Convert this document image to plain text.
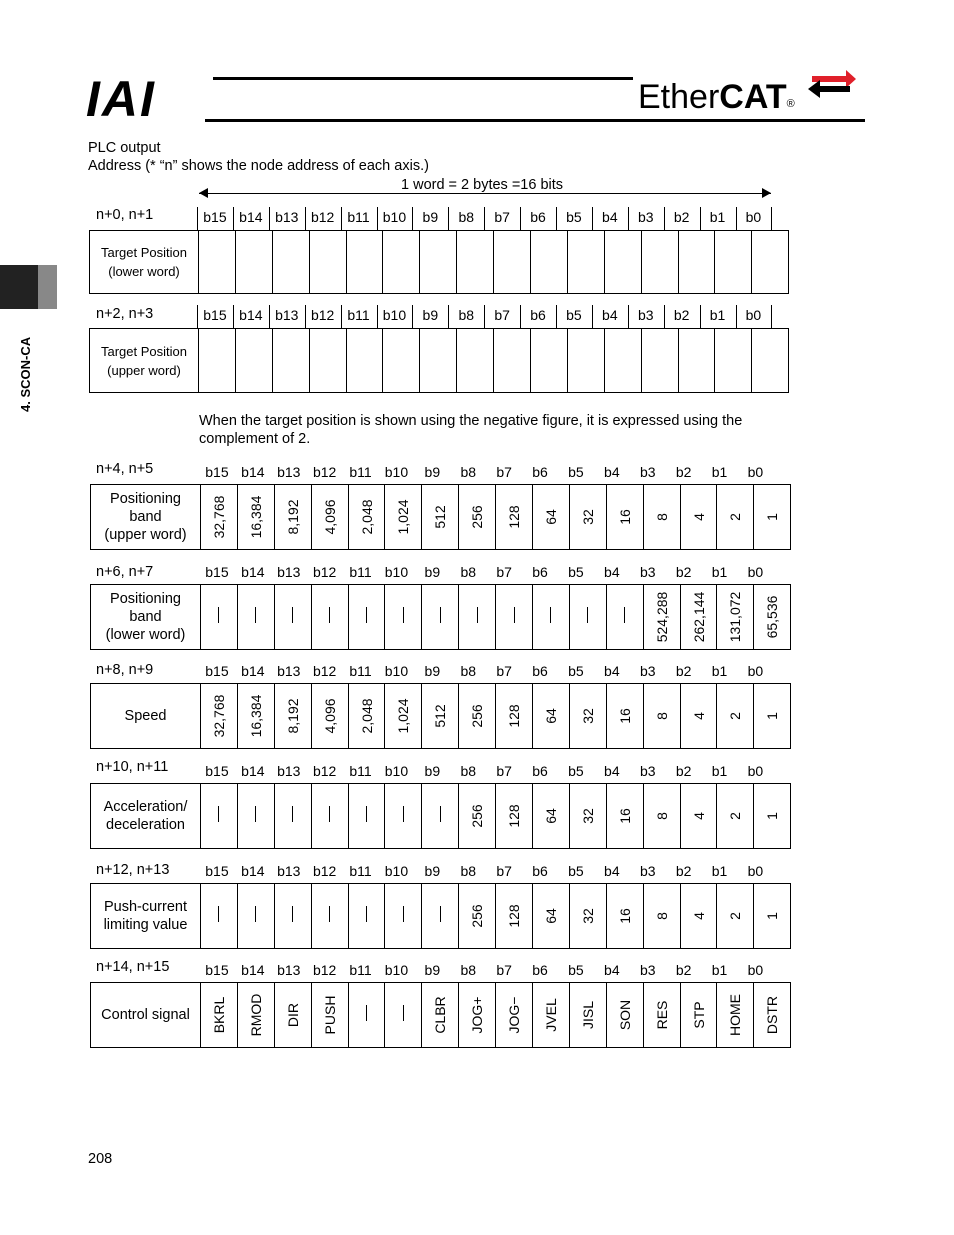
IAI	EtherCAT®
4. SCON-CA
PLC output
Address (* “n” shows the node address of each axis.)
1 word = 2 bytes =16 bits
When the target position is shown using the negative figure, it is expressed using the
complement of 2.
208
n+0, n+1	b15 b14 b13 b12 b11 b10	b9	b8	b7	b6	b5	b4	b3	b2	b1	b0
Target Position
(lower word)

n+2, n+3	b15 b14 b13 b12 b11 b10	b9	b8	b7	b6	b5	b4	b3	b2	b1	b0
Target Position
(upper word)

n+4, n+5	b15 b14 b13 b12 b11 b10	b9	b8	b7	b6	b5	b4	b3	b2	b1	b0
Positioning
band
(upper word)	32,768	16,384	8,192	4,096	2,048	1,024	512	256	128	64	32	16	8	4	2	1
n+6, n+7	b15 b14 b13 b12 b11 b10	b9	b8	b7	b6	b5	b4	b3	b2	b1	b0
Positioning
band
(lower word)													524,288	262,144	131,072	65,536
n+8, n+9	b15 b14 b13 b12 b11 b10	b9	b8	b7	b6	b5	b4	b3	b2	b1	b0
Speed	32,768	16,384	8,192	4,096	2,048	1,024	512	256	128	64	32	16	8	4	2	1
n+10, n+11	b15 b14 b13 b12 b11 b10	b9	b8	b7	b6	b5	b4	b3	b2	b1	b0
Acceleration/
deceleration								256	128	64	32	16	8	4	2	1
n+12, n+13	b15 b14 b13 b12 b11 b10	b9	b8	b7	b6	b5	b4	b3	b2	b1	b0
Push-current
limiting value								256	128	64	32	16	8	4	2	1
n+14, n+15	b15 b14 b13 b12 b11 b10	b9	b8	b7	b6	b5	b4	b3	b2	b1	b0
Control signal	BKRL	RMOD	DIR	PUSH			CLBR	JOG+	JOG−	JVEL	JISL	SON	RES	STP	HOME	DSTR
